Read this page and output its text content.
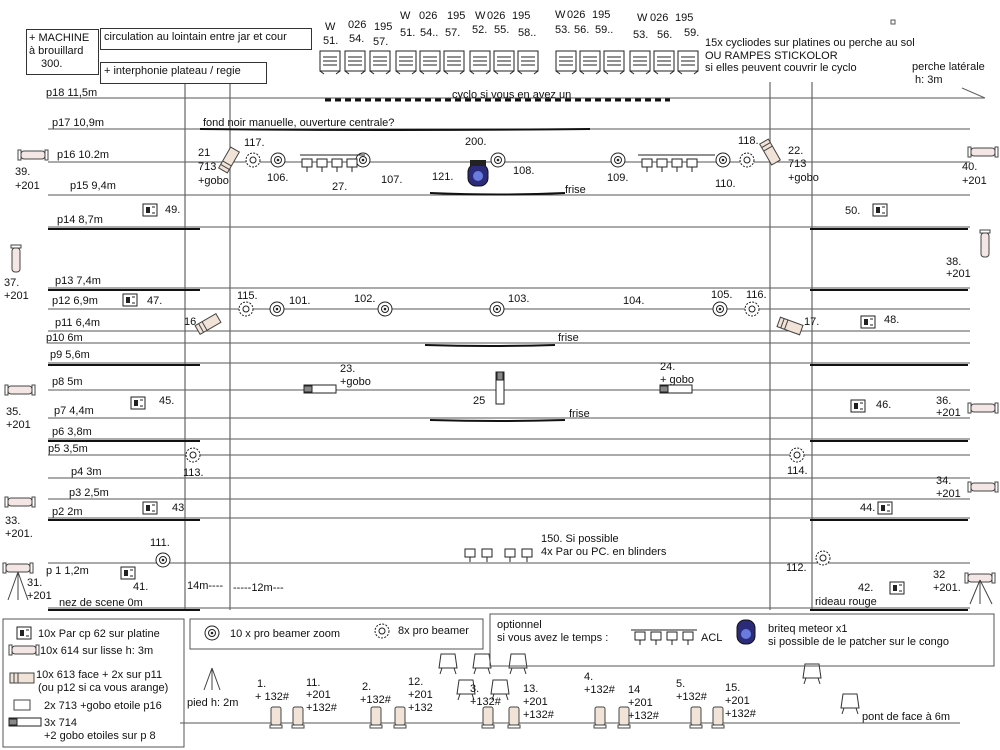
+ MACHINE
à brouillard
300.
circulation au lointain entre jar et cour
+ interphonie plateau / regie
15x cycliodes sur platines ou perche au sol
OU RAMPES STICKOLOR
si elles peuvent couvrir le cyclo	perche latérale
h: 3m
W 026 195
51. 54. 57.
W 026 195
51. 54.. 57.
W 026 195
52. 55. 58..
W 026 195
53. 56. 59..
W 026 195
53. 56. 59.
p18 11,5m
p17 10,9m
p16 10.2m
p15 9,4m
p14 8,7m
p13 7,4m
p12 6,9m
p11 6,4m
p10 6m
p9 5,6m
p8 5m
p7 4,4m
p6 3,8m
p5 3,5m
p4 3m
p3 2,5m
p2 2m
p 1 1,2m
cyclo si vous en avez un
fond noir manuelle, ouverture centrale?
frise
frise
frise
nez de scene 0m	rideau rouge
14m---- -----12m---
pont de face à 6m
pied h: 2m
150. Si possible
4x Par ou PC. en blinders
21
713
+gobo
22.
713
+gobo
117.
106.
27.
107.
200.
121.	108.
109.	110.
118.
39.
+201
40.
+201
49.	50.
37.
+201
38.
+201
47.	115.	101.	102.	103.	104.	105. 116.
16	17.	48.
23.
+gobo
24.
+ gobo
25
45.	46.
35.
+201
36.
+201
113.	114.
34.
+201
33.
+201.
43	44.
111.
112.
41.	42.
31.
+201
32
+201.
10x Par cp 62 sur platine
10x 614 sur lisse h: 3m
10x 613 face + 2x sur p11
(ou p12 si ca vous arange)
2x 713 +gobo etoile p16
3x 714
+2 gobo etoiles sur p 8
10 x pro beamer zoom	8x pro beamer	optionnel
si vous avez le temps :	ACL
briteq meteor x1
si possible de le patcher sur le congo
1.
+ 132#
11.
+201
+132#
2.
+132#
12.
+201
+132
3.
+132#
13.
+201
+132#
4.
+132# 14
+201
+132#
5.
+132#
15.
+201
+132#
